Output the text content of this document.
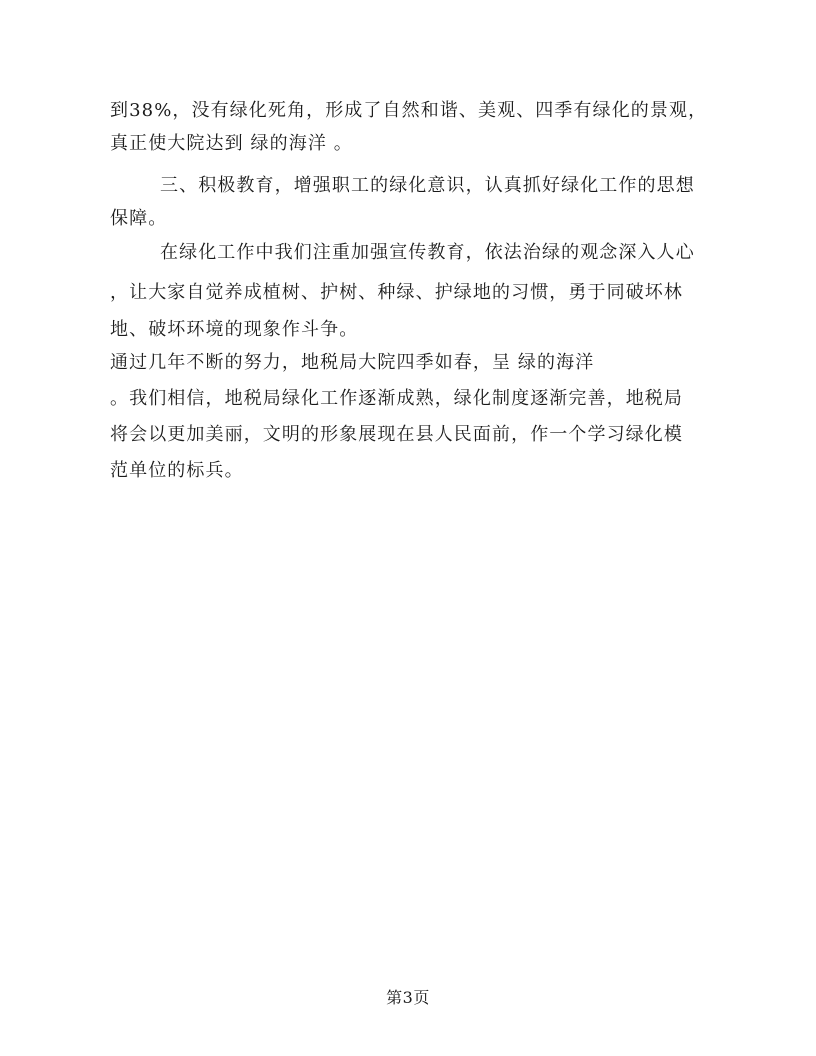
到38%，没有绿化死角，形成了自然和谐、美观、四季有绿化的景观，
真正使大院达到 绿的海洋 。
三、积极教育，增强职工的绿化意识，认真抓好绿化工作的思想
保障。
在绿化工作中我们注重加强宣传教育，依法治绿的观念深入人心
，让大家自觉养成植树、护树、种绿、护绿地的习惯，勇于同破坏林
地、破坏环境的现象作斗争。
通过几年不断的努力，地税局大院四季如春，呈 绿的海洋
。我们相信，地税局绿化工作逐渐成熟，绿化制度逐渐完善，地税局
将会以更加美丽，文明的形象展现在县人民面前，作一个学习绿化模
范单位的标兵。
第3页
